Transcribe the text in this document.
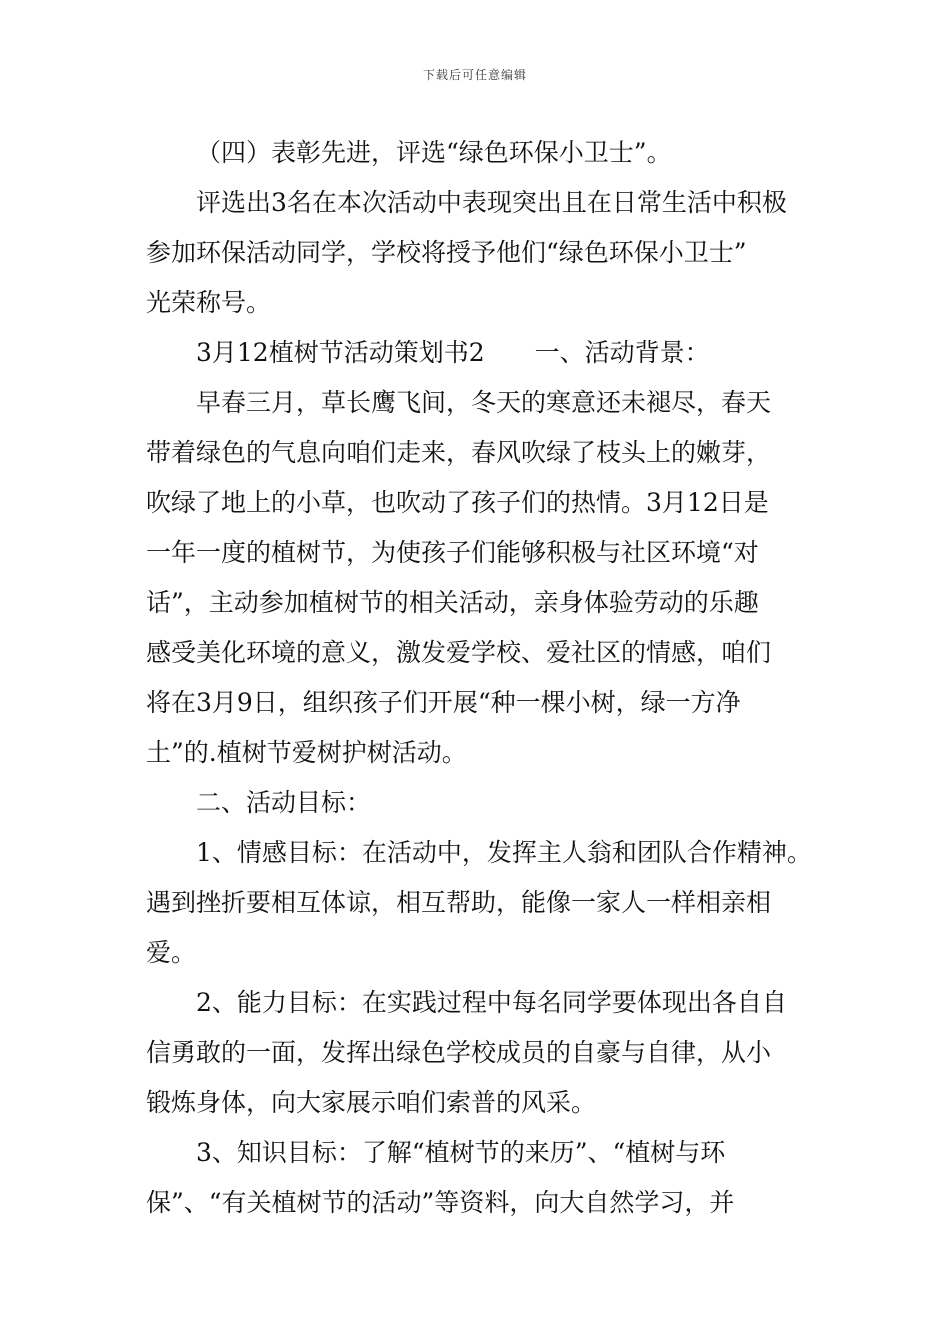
下载后可任意编辑
（四）表彰先进，评选“绿色环保小卫士”。
评选出3名在本次活动中表现突出且在日常生活中积极
参加环保活动同学，学校将授予他们“绿色环保小卫士”
光荣称号。
3月12植树节活动策划书2　　一、活动背景：
早春三月，草长鹰飞间，冬天的寒意还未褪尽，春天
带着绿色的气息向咱们走来，春风吹绿了枝头上的嫩芽，
吹绿了地上的小草，也吹动了孩子们的热情。3月12日是
一年一度的植树节，为使孩子们能够积极与社区环境“对
话”，主动参加植树节的相关活动，亲身体验劳动的乐趣
感受美化环境的意义，激发爱学校、爱社区的情感，咱们
将在3月9日，组织孩子们开展“种一棵小树，绿一方净
土”的.植树节爱树护树活动。
二、活动目标：
1、情感目标：在活动中，发挥主人翁和团队合作精神。
遇到挫折要相互体谅，相互帮助，能像一家人一样相亲相
爱。
2、能力目标：在实践过程中每名同学要体现出各自自
信勇敢的一面，发挥出绿色学校成员的自豪与自律，从小
锻炼身体，向大家展示咱们索普的风采。
3、知识目标：了解“植树节的来历”、“植树与环
保”、“有关植树节的活动”等资料，向大自然学习，并
